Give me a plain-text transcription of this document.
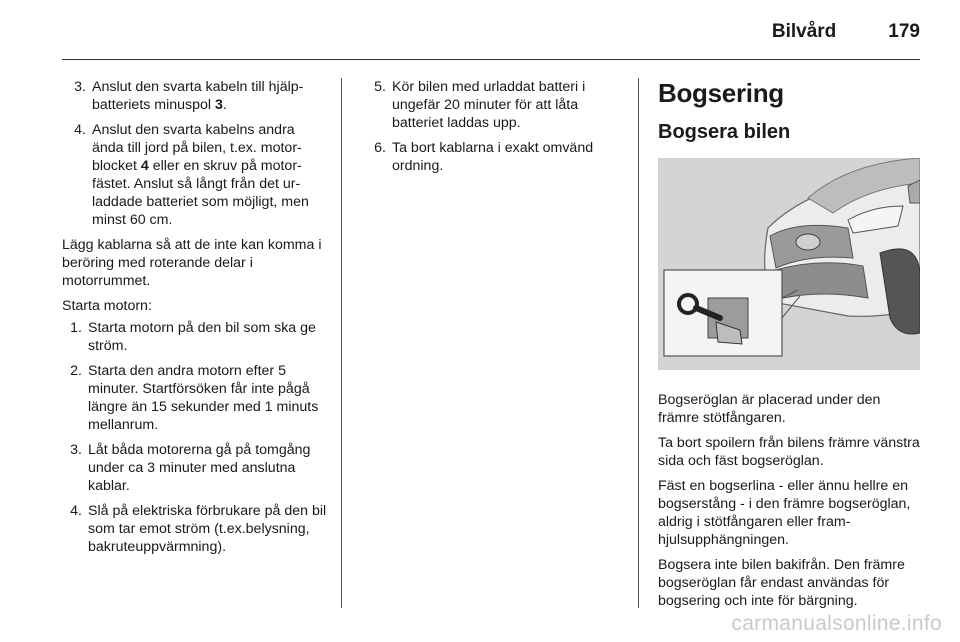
Bilvård	179
3. Anslut den svarta kabeln till hjälpbatteriets minuspol 3.
4. Anslut den svarta kabelns andra ända till jord på bilen, t.ex. motorblocket 4 eller en skruv på motorfästet. Anslut så långt från det urladdade batteriet som möjligt, men minst 60 cm.

Lägg kablarna så att de inte kan komma i beröring med roterande delar i motorrummet.

Starta motorn:

1. Starta motorn på den bil som ska ge ström.
2. Starta den andra motorn efter 5 minuter. Startförsöken får inte pågå längre än 15 sekunder med 1 minuts mellanrum.
3. Låt båda motorerna gå på tomgång under ca 3 minuter med anslutna kablar.
4. Slå på elektriska förbrukare på den bil som tar emot ström (t.ex.belysning, bakruteuppvärmning).
5. Kör bilen med urladdat batteri i ungefär 20 minuter för att låta batteriet laddas upp.
6. Ta bort kablarna i exakt omvänd ordning.
Bogsering
Bogsera bilen

Bogseröglan är placerad under den främre stötfångaren.

Ta bort spoilern från bilens främre vänstra sida och fäst bogseröglan.

Fäst en bogserlina - eller ännu hellre en bogserstång - i den främre bogseröglan, aldrig i stötfångaren eller framhjulsupphängningen.

Bogsera inte bilen bakifrån. Den främre bogseröglan får endast användas för bogsering och inte för bärgning.

carmanualsonline.info
